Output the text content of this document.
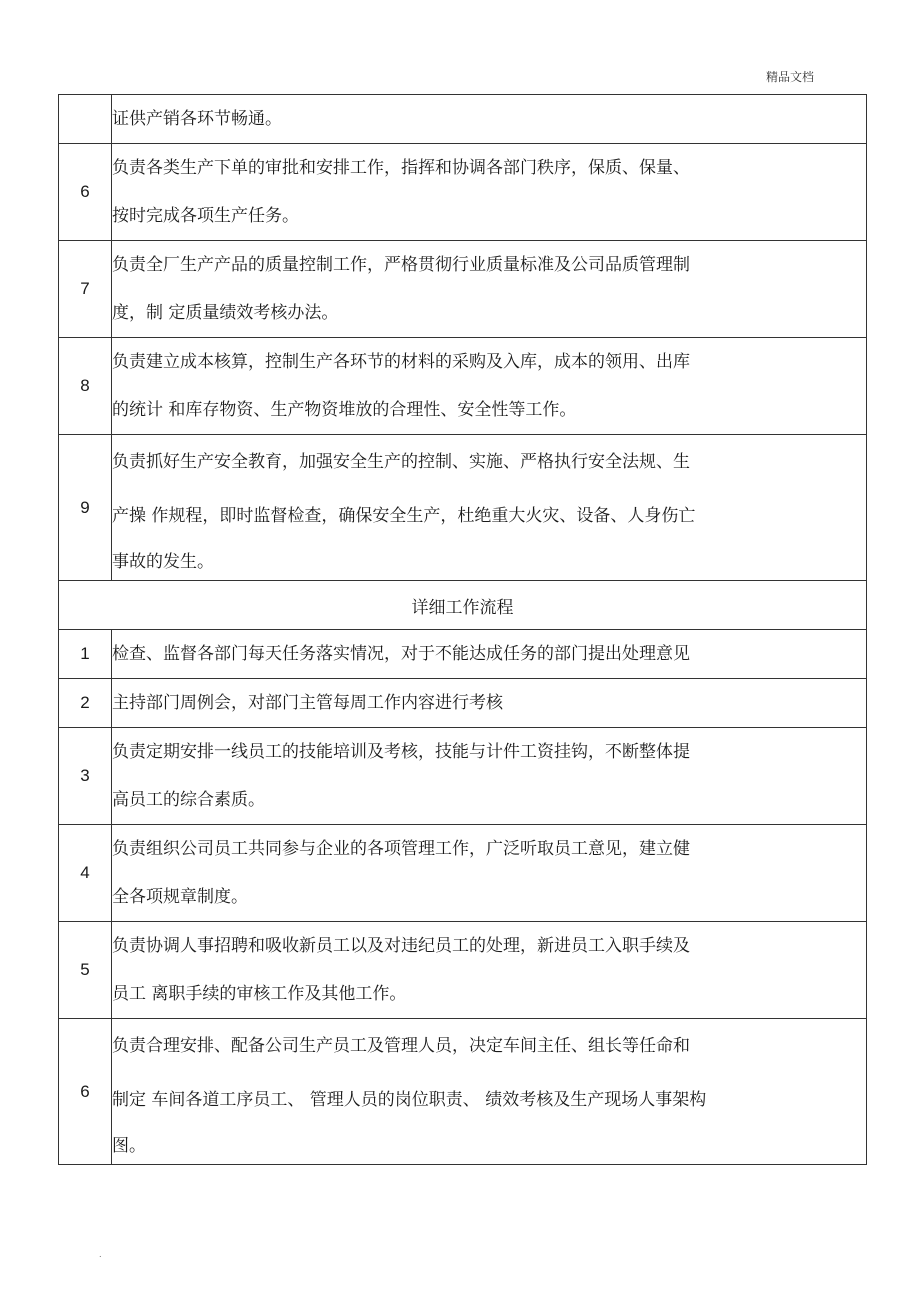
精品文档

	证供产销各环节畅通。

6	负责各类生产下单的审批和安排工作，指挥和协调各部门秩序，保质、保量、
按时完成各项生产任务。

7	负责全厂生产产品的质量控制工作，严格贯彻行业质量标准及公司品质管理制
度，制 定质量绩效考核办法。

8	负责建立成本核算，控制生产各环节的材料的采购及入库，成本的领用、出库
的统计 和库存物资、生产物资堆放的合理性、安全性等工作。

9	负责抓好生产安全教育，加强安全生产的控制、实施、严格执行安全法规、生
产操 作规程，即时监督检查，确保安全生产，杜绝重大火灾、设备、人身伤亡
事故的发生。

详细工作流程	
1	检查、监督各部门每天任务落实情况，对于不能达成任务的部门提出处理意见

2	主持部门周例会，对部门主管每周工作内容进行考核

3	负责定期安排一线员工的技能培训及考核，技能与计件工资挂钩，不断整体提
高员工的综合素质。

4	负责组织公司员工共同参与企业的各项管理工作，广泛听取员工意见，建立健
全各项规章制度。

5	负责协调人事招聘和吸收新员工以及对违纪员工的处理，新进员工入职手续及
员工 离职手续的审核工作及其他工作。

6	负责合理安排、配备公司生产员工及管理人员，决定车间主任、组长等任命和
制定 车间各道工序员工、 管理人员的岗位职责、 绩效考核及生产现场人事架构
图。
.
